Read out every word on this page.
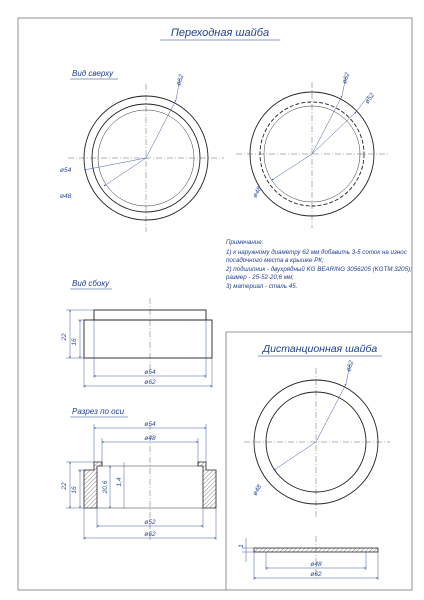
Переходная шайба
Дистанционная шайба
Вид сверху
Вид сбоку
Разрез по оси
ø62
ø54
ø48
ø62
ø52
ø48
Примечание:
1) к наружному диаметру 62 мм добавить 3-5 соток на износ
посадочного места в крышке РК;
2) подшипник - двухрядный KG BEARING 3056205 (KGTM 3205);
размер - 25-52-20,6 мм;
3) материал - сталь 45.
22
16
ø54
ø62
ø54
ø48
22
16	20,6 1,4
ø52
ø62
ø62
ø48
1
ø48
ø62
